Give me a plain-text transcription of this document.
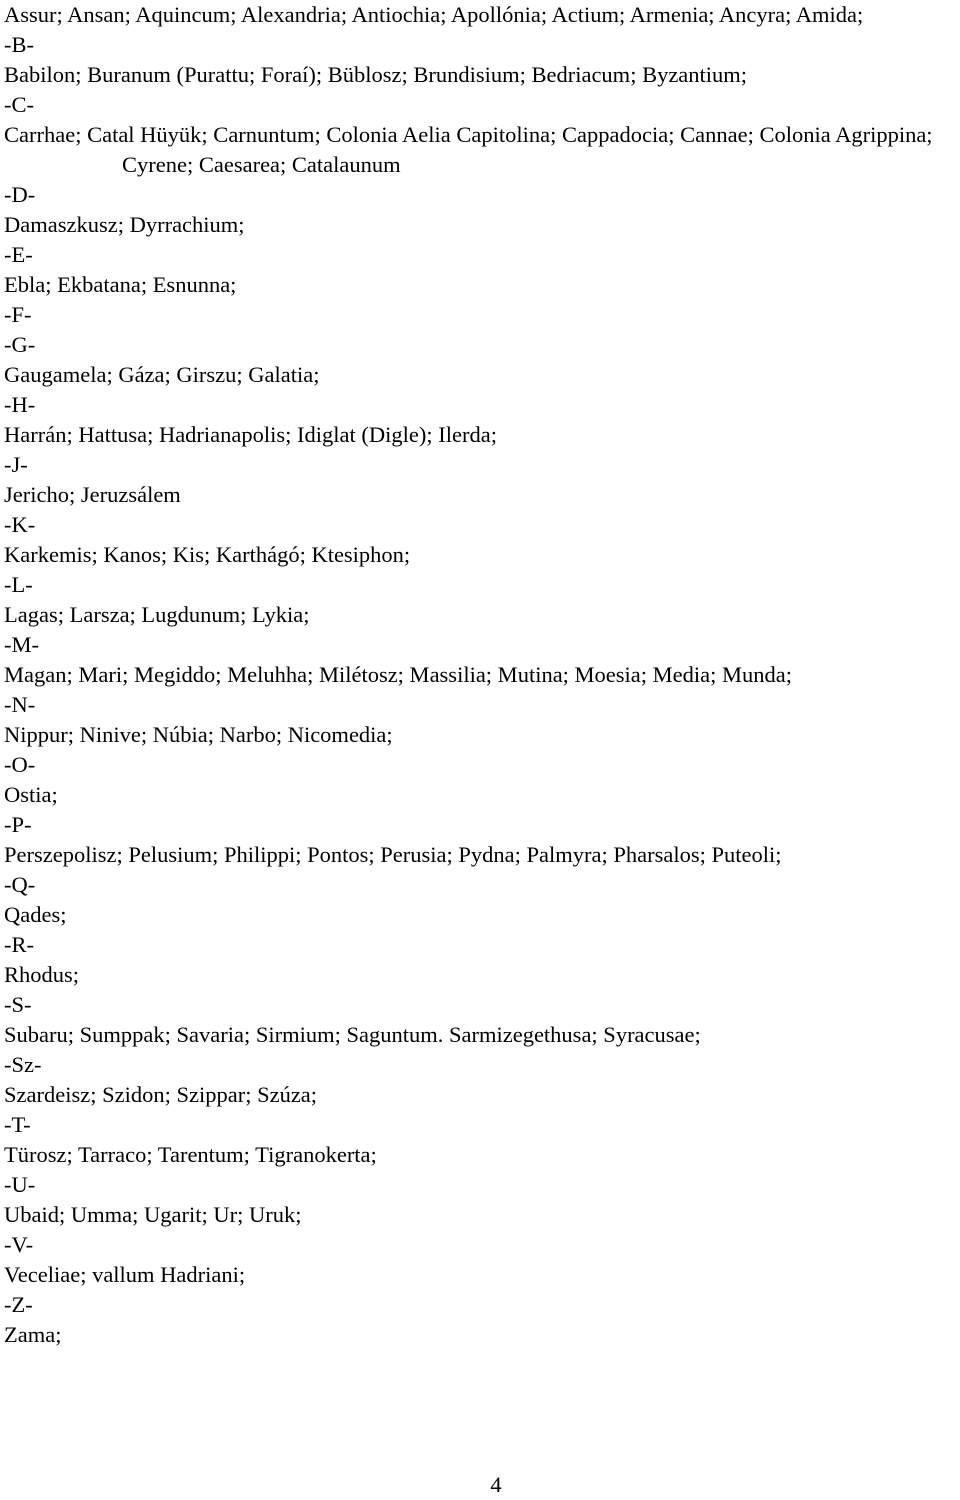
Assur; Ansan; Aquincum; Alexandria; Antiochia; Apollónia; Actium; Armenia; Ancyra; Amida;

-B-

Babilon; Buranum (Purattu; Foraí); Büblosz; Brundisium; Bedriacum; Byzantium;

-C-

Carrhae; Catal Hüyük; Carnuntum; Colonia Aelia Capitolina; Cappadocia; Cannae; Colonia Agrippina; Cyrene; Caesarea; Catalaunum

-D-

Damaszkusz; Dyrrachium;

-E-

Ebla; Ekbatana; Esnunna;

-F-

-G-

Gaugamela; Gáza; Girszu; Galatia;

-H-

Harrán; Hattusa; Hadrianapolis; Idiglat (Digle); Ilerda;

-J-

Jericho; Jeruzsálem

-K-

Karkemis; Kanos; Kis; Karthágó; Ktesiphon;

-L-

Lagas; Larsza; Lugdunum; Lykia;

-M-

Magan; Mari; Megiddo; Meluhha; Milétosz; Massilia; Mutina; Moesia; Media; Munda;

-N-

Nippur; Ninive; Núbia; Narbo; Nicomedia;

-O-

Ostia;

-P-

Perszepolisz; Pelusium; Philippi; Pontos; Perusia; Pydna; Palmyra; Pharsalos; Puteoli;

-Q-

Qades;

-R-

Rhodus;

-S-

Subaru; Sumppak; Savaria; Sirmium; Saguntum. Sarmizegethusa; Syracusae;

-Sz-

Szardeisz; Szidon; Szippar; Szúza;

-T-

Türosz; Tarraco; Tarentum; Tigranokerta;

-U-

Ubaid; Umma; Ugarit; Ur; Uruk;

-V-

Veceliae; vallum Hadriani;

-Z-

Zama;

4
